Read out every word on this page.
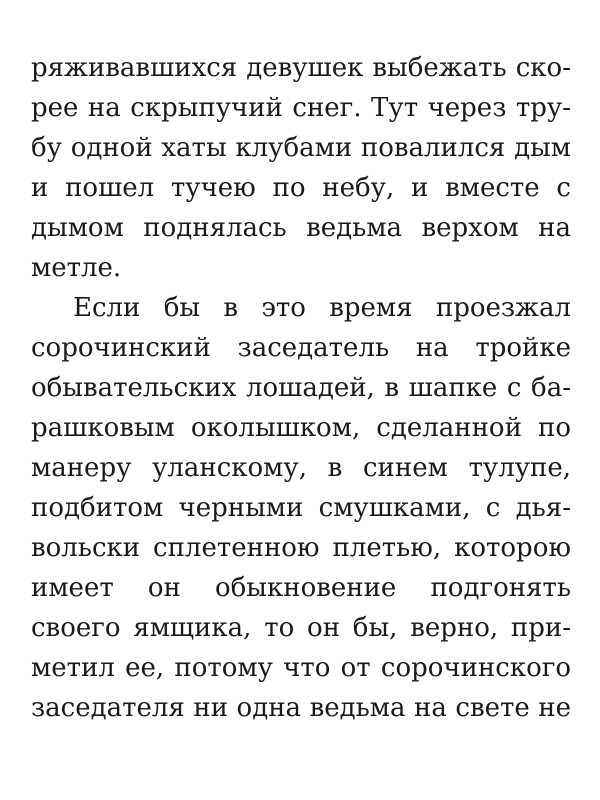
ряживавшихся девушек выбежать ско-
рее на скрыпучий снег. Тут через тру-
бу одной хаты клубами повалился дым
и пошел тучею по небу, и вместе с
дымом поднялась ведьма верхом на
метле.
Если бы в это время проезжал
сорочинский заседатель на тройке
обывательских лошадей, в шапке с ба-
рашковым околышком, сделанной по
манеру уланскому, в синем тулупе,
подбитом черными смушками, с дья-
вольски сплетенною плетью, которою
имеет он обыкновение подгонять
своего ямщика, то он бы, верно, при-
метил ее, потому что от сорочинского
заседателя ни одна ведьма на свете не
